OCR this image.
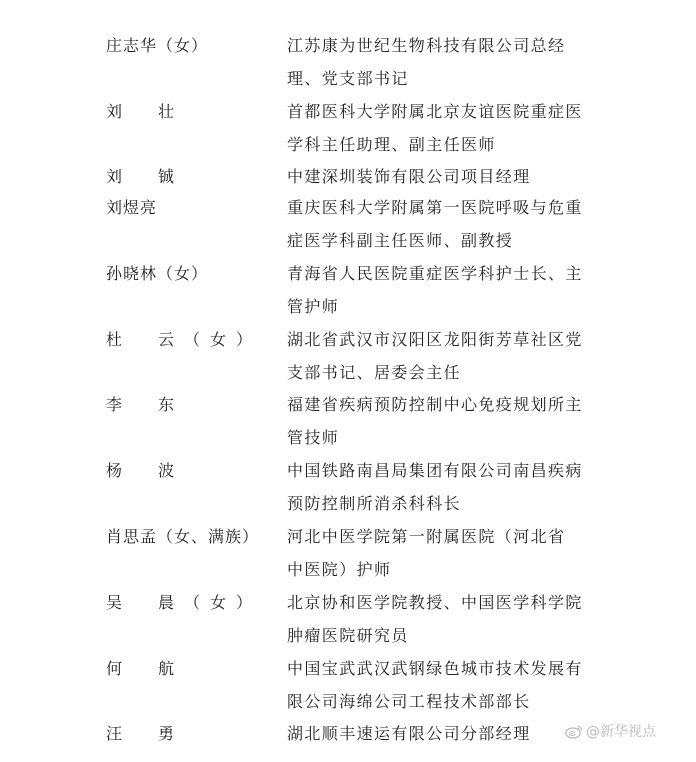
庄志华（女）	江苏康为世纪生物科技有限公司总经
理、党支部书记
刘　壮	首都医科大学附属北京友谊医院重症医
学科主任助理、副主任医师
刘　铖	中建深圳装饰有限公司项目经理
刘煜亮	重庆医科大学附属第一医院呼吸与危重
症医学科副主任医师、副教授
孙晓林（女）	青海省人民医院重症医学科护士长、主
管护师
杜　云（女） 湖北省武汉市汉阳区龙阳街芳草社区党
支部书记、居委会主任
李　东	福建省疾病预防控制中心免疫规划所主
管技师
杨　波	中国铁路南昌局集团有限公司南昌疾病
预防控制所消杀科科长
肖思孟（女、满族） 河北中医学院第一附属医院（河北省
中医院）护师
吴　晨（女） 北京协和医学院教授、中国医学科学院
肿瘤医院研究员
何　航	中国宝武武汉武钢绿色城市技术发展有
限公司海绵公司工程技术部部长
汪　勇	湖北顺丰速运有限公司分部经理	@新华视点
